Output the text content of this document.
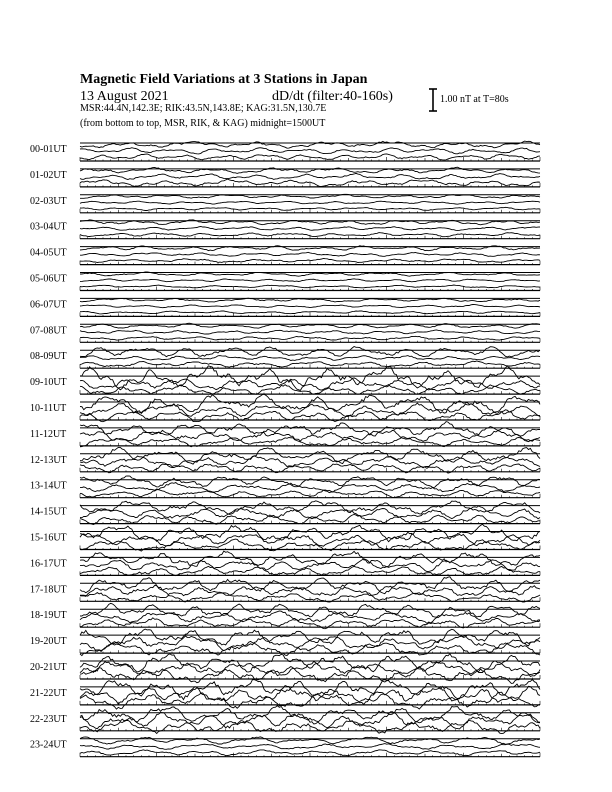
Magnetic Field Variations at 3 Stations in Japan
13 August 2021	dD/dt (filter:40-160s)
MSR:44.4N,142.3E; RIK:43.5N,143.8E; KAG:31.5N,130.7E
(from bottom to top, MSR, RIK, & KAG) midnight=1500UT
1.00 nT at T=80s
00-01UT
01-02UT
02-03UT
03-04UT
04-05UT
05-06UT
06-07UT
07-08UT
08-09UT
09-10UT
10-11UT
11-12UT
12-13UT
13-14UT
14-15UT
15-16UT
16-17UT
17-18UT
18-19UT
19-20UT
20-21UT
21-22UT
22-23UT
23-24UT
